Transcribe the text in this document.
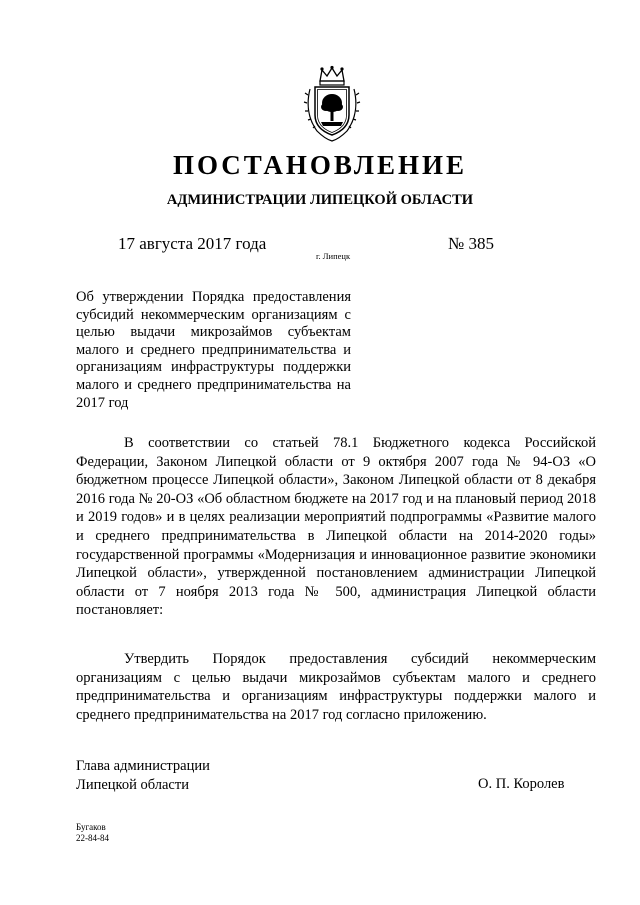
ПОСТАНОВЛЕНИЕ
АДМИНИСТРАЦИИ ЛИПЕЦКОЙ ОБЛАСТИ
17 августа 2017 года
г. Липецк
№ 385

Об утверждении Порядка предоставления субсидий некоммерческим организациям с целью выдачи микрозаймов субъектам малого и среднего предпринимательства и организациям инфраструктуры поддержки малого и среднего предпринимательства на 2017 год

В соответствии со статьей 78.1 Бюджетного кодекса Российской Федерации, Законом Липецкой области от 9 октября 2007 года № 94-ОЗ «О бюджетном процессе Липецкой области», Законом Липецкой области от 8 декабря 2016 года № 20-ОЗ «Об областном бюджете на 2017 год и на плановый период 2018 и 2019 годов» и в целях реализации мероприятий подпрограммы «Развитие малого и среднего предпринимательства в Липецкой области на 2014-2020 годы» государственной программы «Модернизация и инновационное развитие экономики Липецкой области», утвержденной постановлением администрации Липецкой области от 7 ноября 2013 года № 500, администрация Липецкой области постановляет:

Утвердить Порядок предоставления субсидий некоммерческим организациям с целью выдачи микрозаймов субъектам малого и среднего предпринимательства и организациям инфраструктуры поддержки малого и среднего предпринимательства на 2017 год согласно приложению.

Глава администрации
Липецкой области	О. П. Королев
Бугаков
22-84-84
